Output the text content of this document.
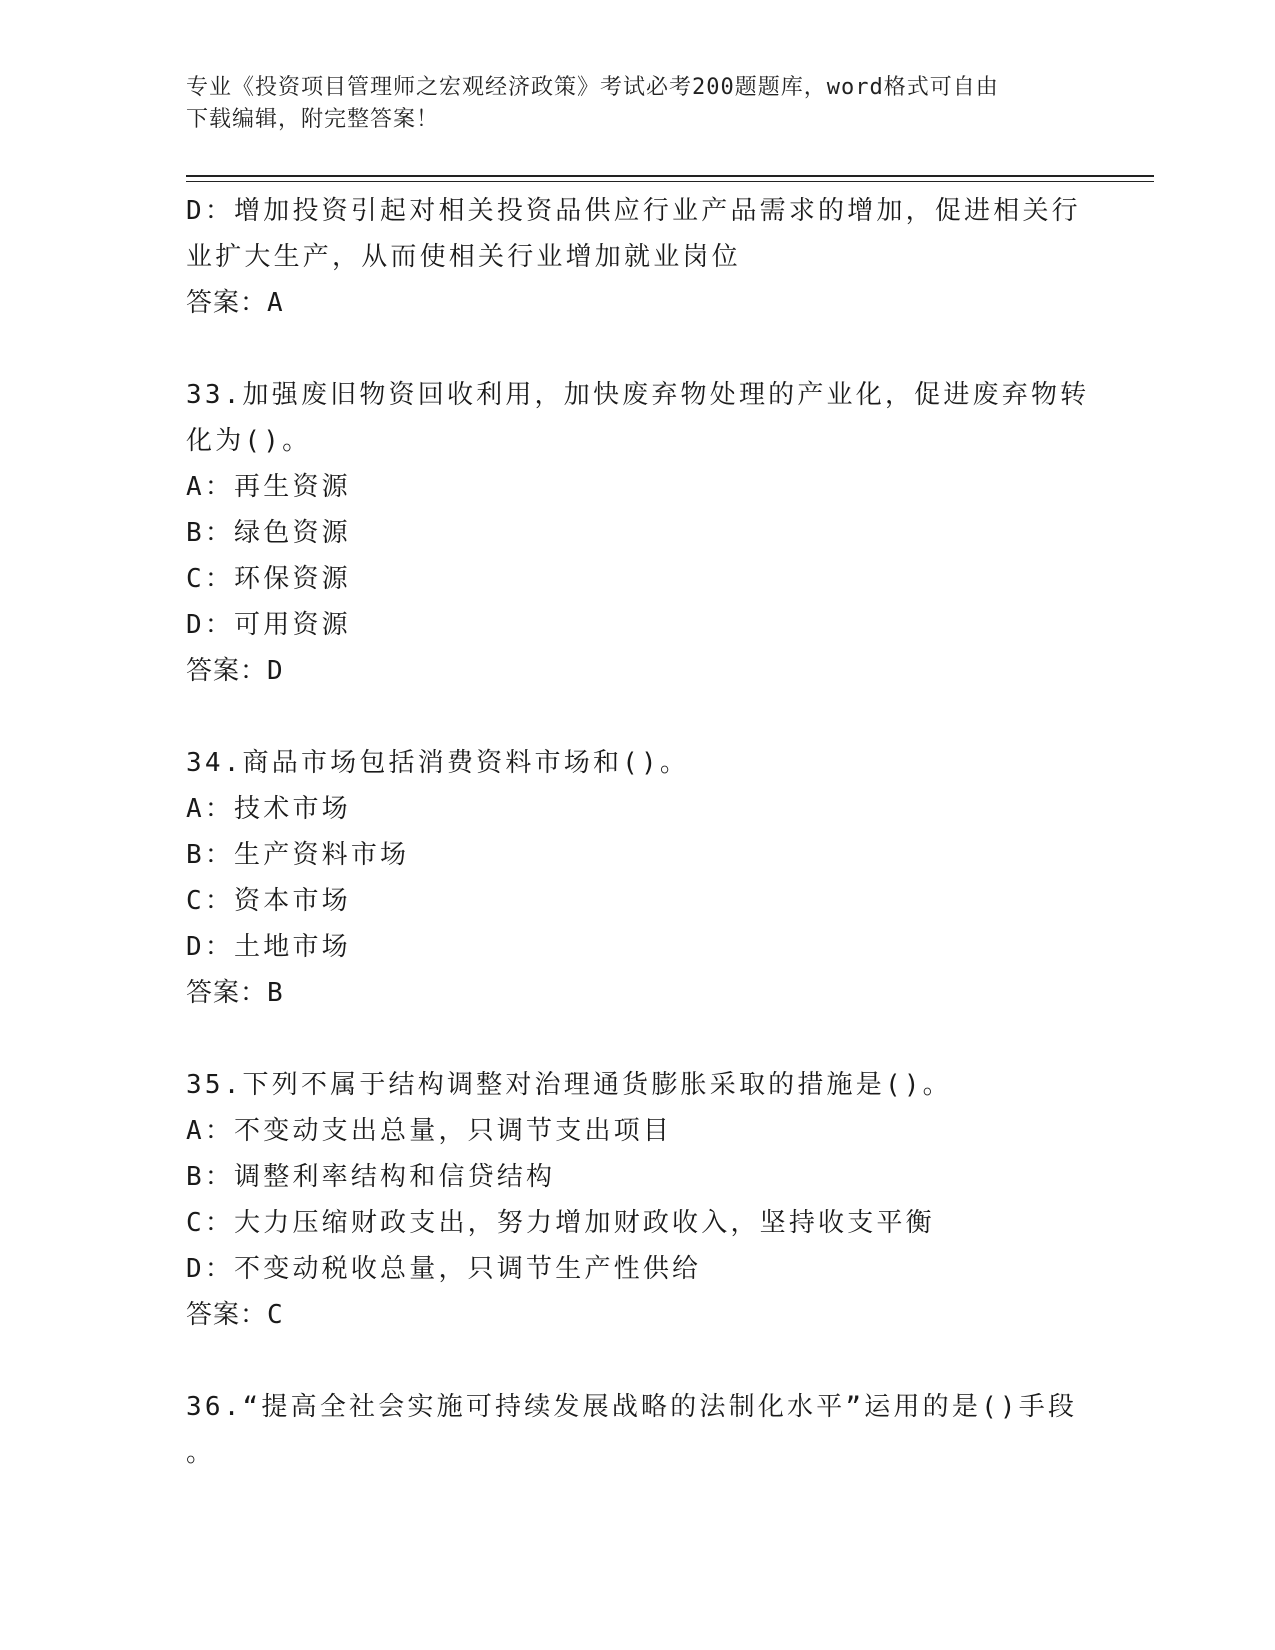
专业《投资项目管理师之宏观经济政策》考试必考200题题库，word格式可自由
下载编辑，附完整答案！
D：增加投资引起对相关投资品供应行业产品需求的增加，促进相关行
业扩大生产，从而使相关行业增加就业岗位
答案：A
33.加强废旧物资回收利用，加快废弃物处理的产业化，促进废弃物转
化为()。
A：再生资源
B：绿色资源
C：环保资源
D：可用资源
答案：D
34.商品市场包括消费资料市场和()。
A：技术市场
B：生产资料市场
C：资本市场
D：土地市场
答案：B
35.下列不属于结构调整对治理通货膨胀采取的措施是()。
A：不变动支出总量，只调节支出项目
B：调整利率结构和信贷结构
C：大力压缩财政支出，努力增加财政收入，坚持收支平衡
D：不变动税收总量，只调节生产性供给
答案：C
36.“提高全社会实施可持续发展战略的法制化水平”运用的是()手段
。
